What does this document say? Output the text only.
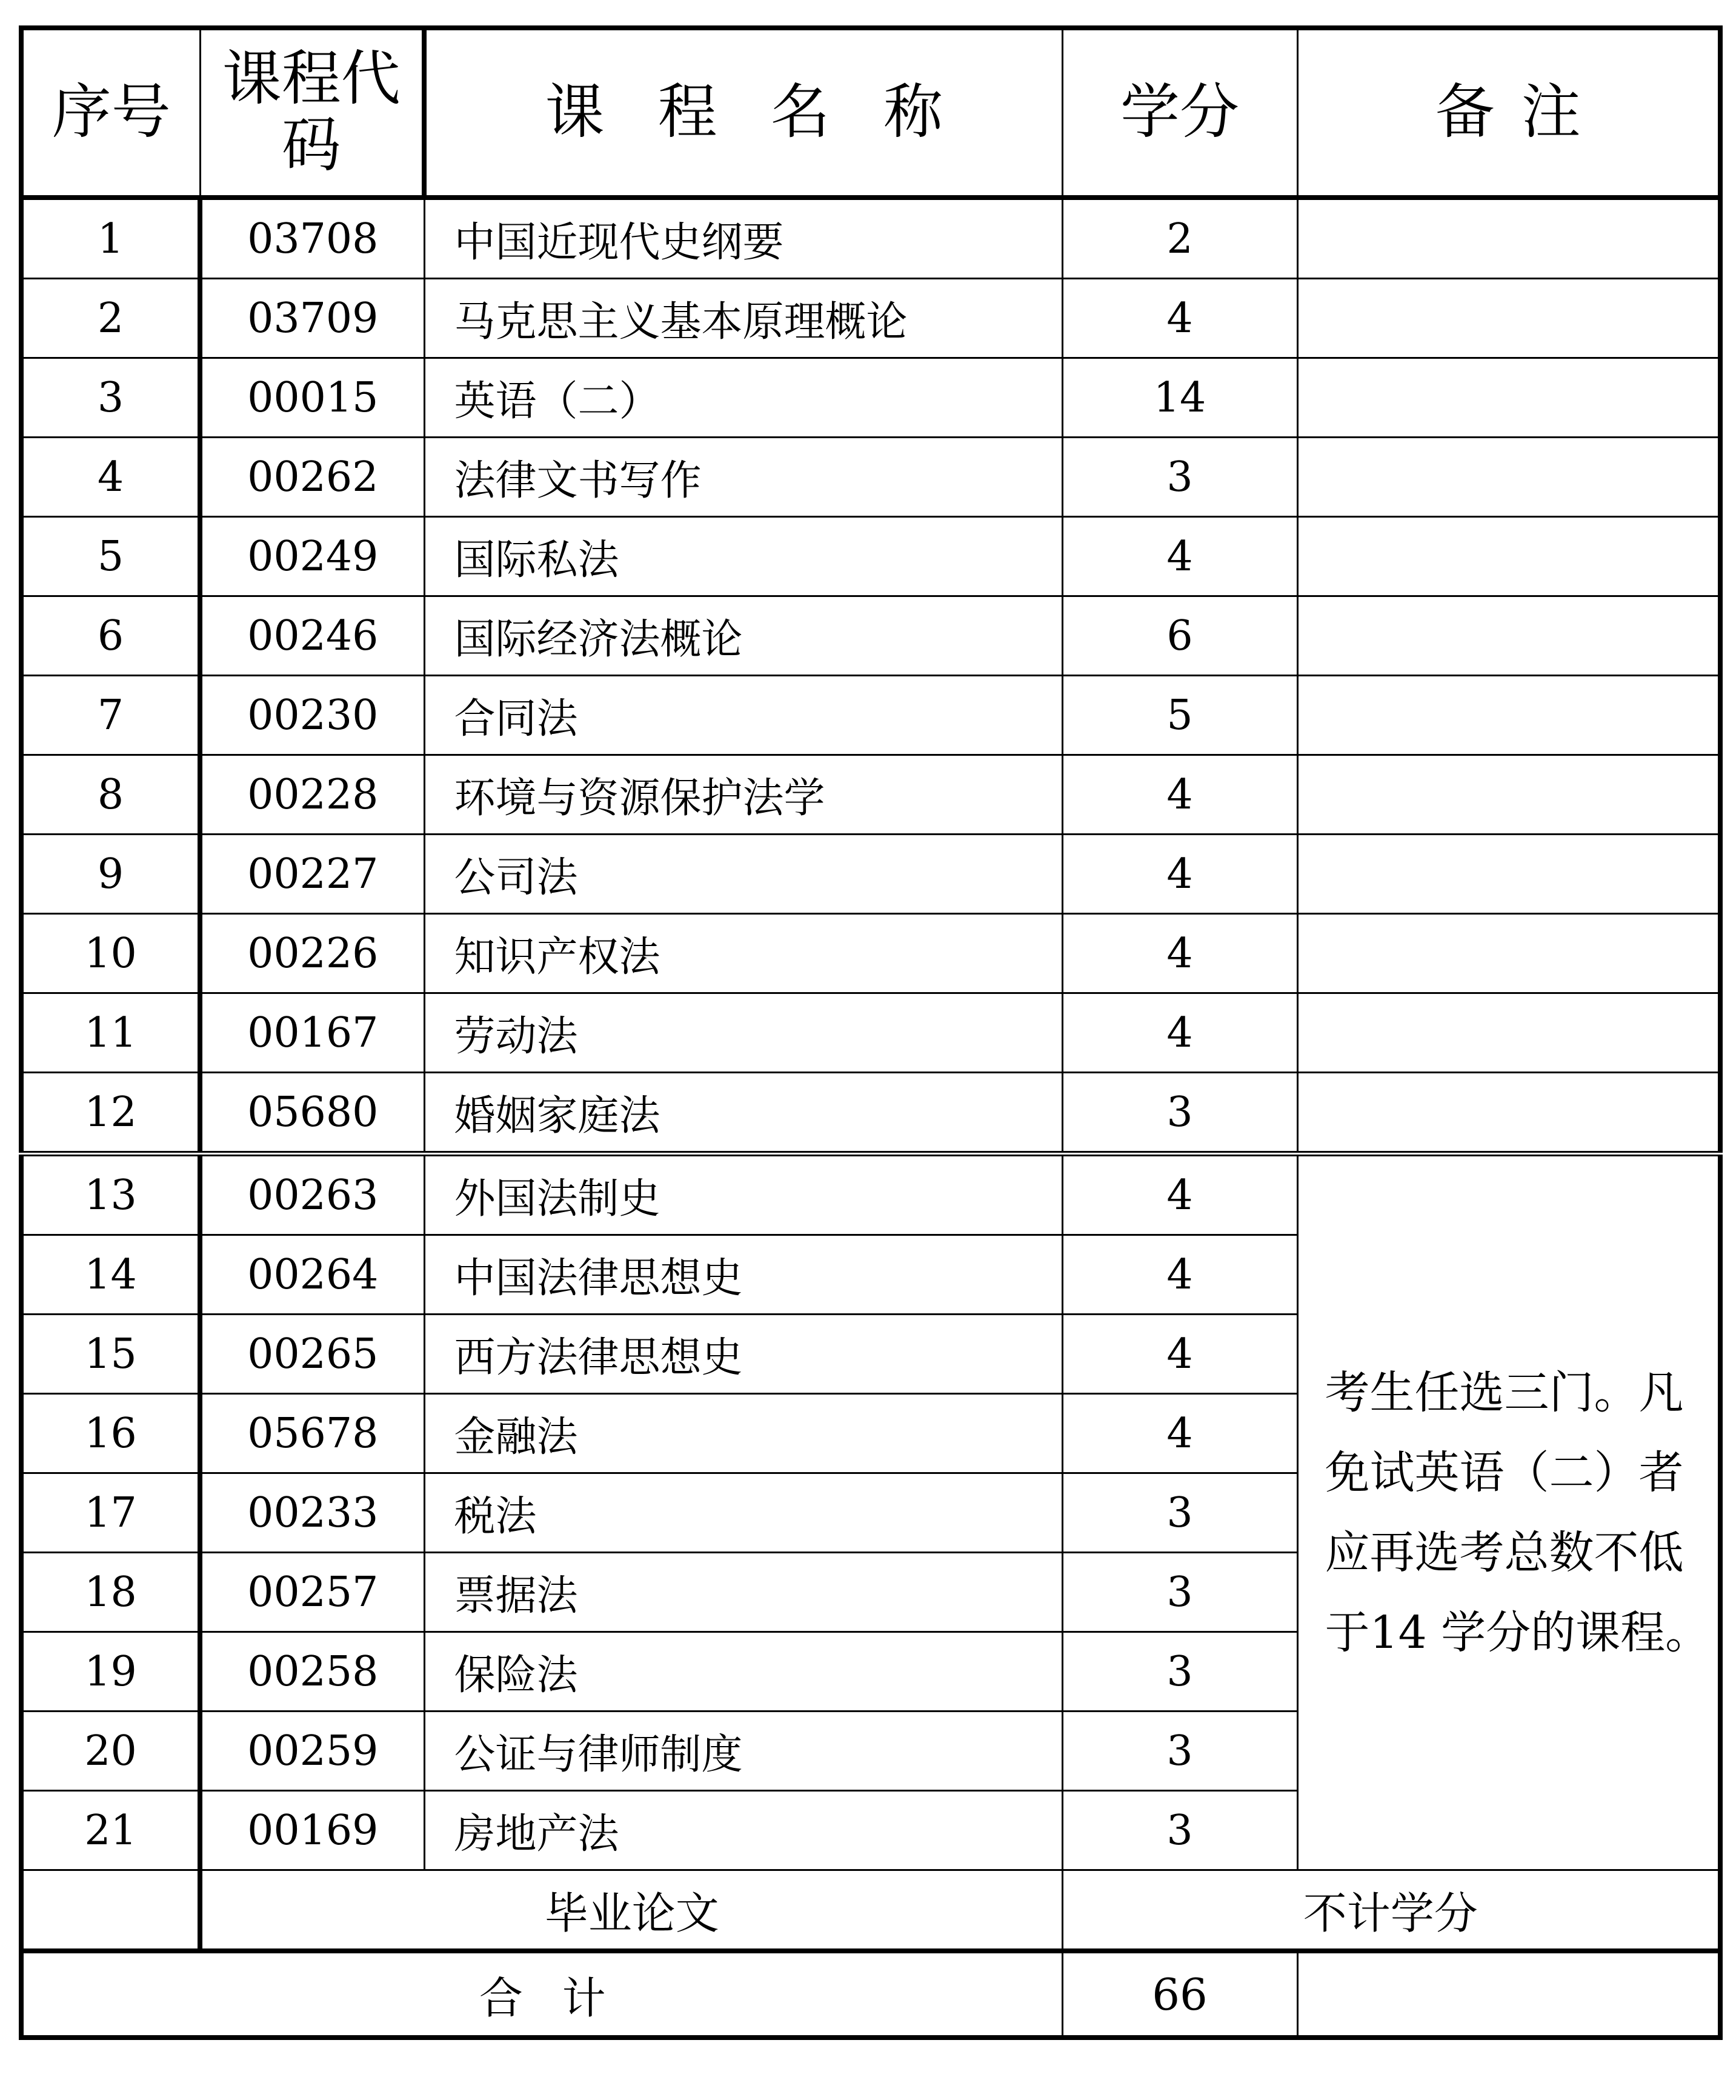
序号	课程代码	课程名称	学分	备注
1	03708	中国近现代史纲要	2	
2	03709	马克思主义基本原理概论	4	
3	00015	英语（二）	14	
4	00262	法律文书写作	3	
5	00249	国际私法	4	
6	00246	国际经济法概论	6	
7	00230	合同法	5	
8	00228	环境与资源保护法学	4	
9	00227	公司法	4	
10	00226	知识产权法	4	
11	00167	劳动法	4	
12	05680	婚姻家庭法	3	
13	00263	外国法制史	4	考生任选三门。凡免试英语（二）者应再选考总数不低于14 学分的课程。

14	00264	中国法律思想史	4	
15	00265	西方法律思想史	4	
16	05678	金融法	4	
17	00233	税法	3	
18	00257	票据法	3	
19	00258	保险法	3	
20	00259	公证与律师制度	3	
21	00169	房地产法	3	
	毕业论文		不计学分	
合计			66	
